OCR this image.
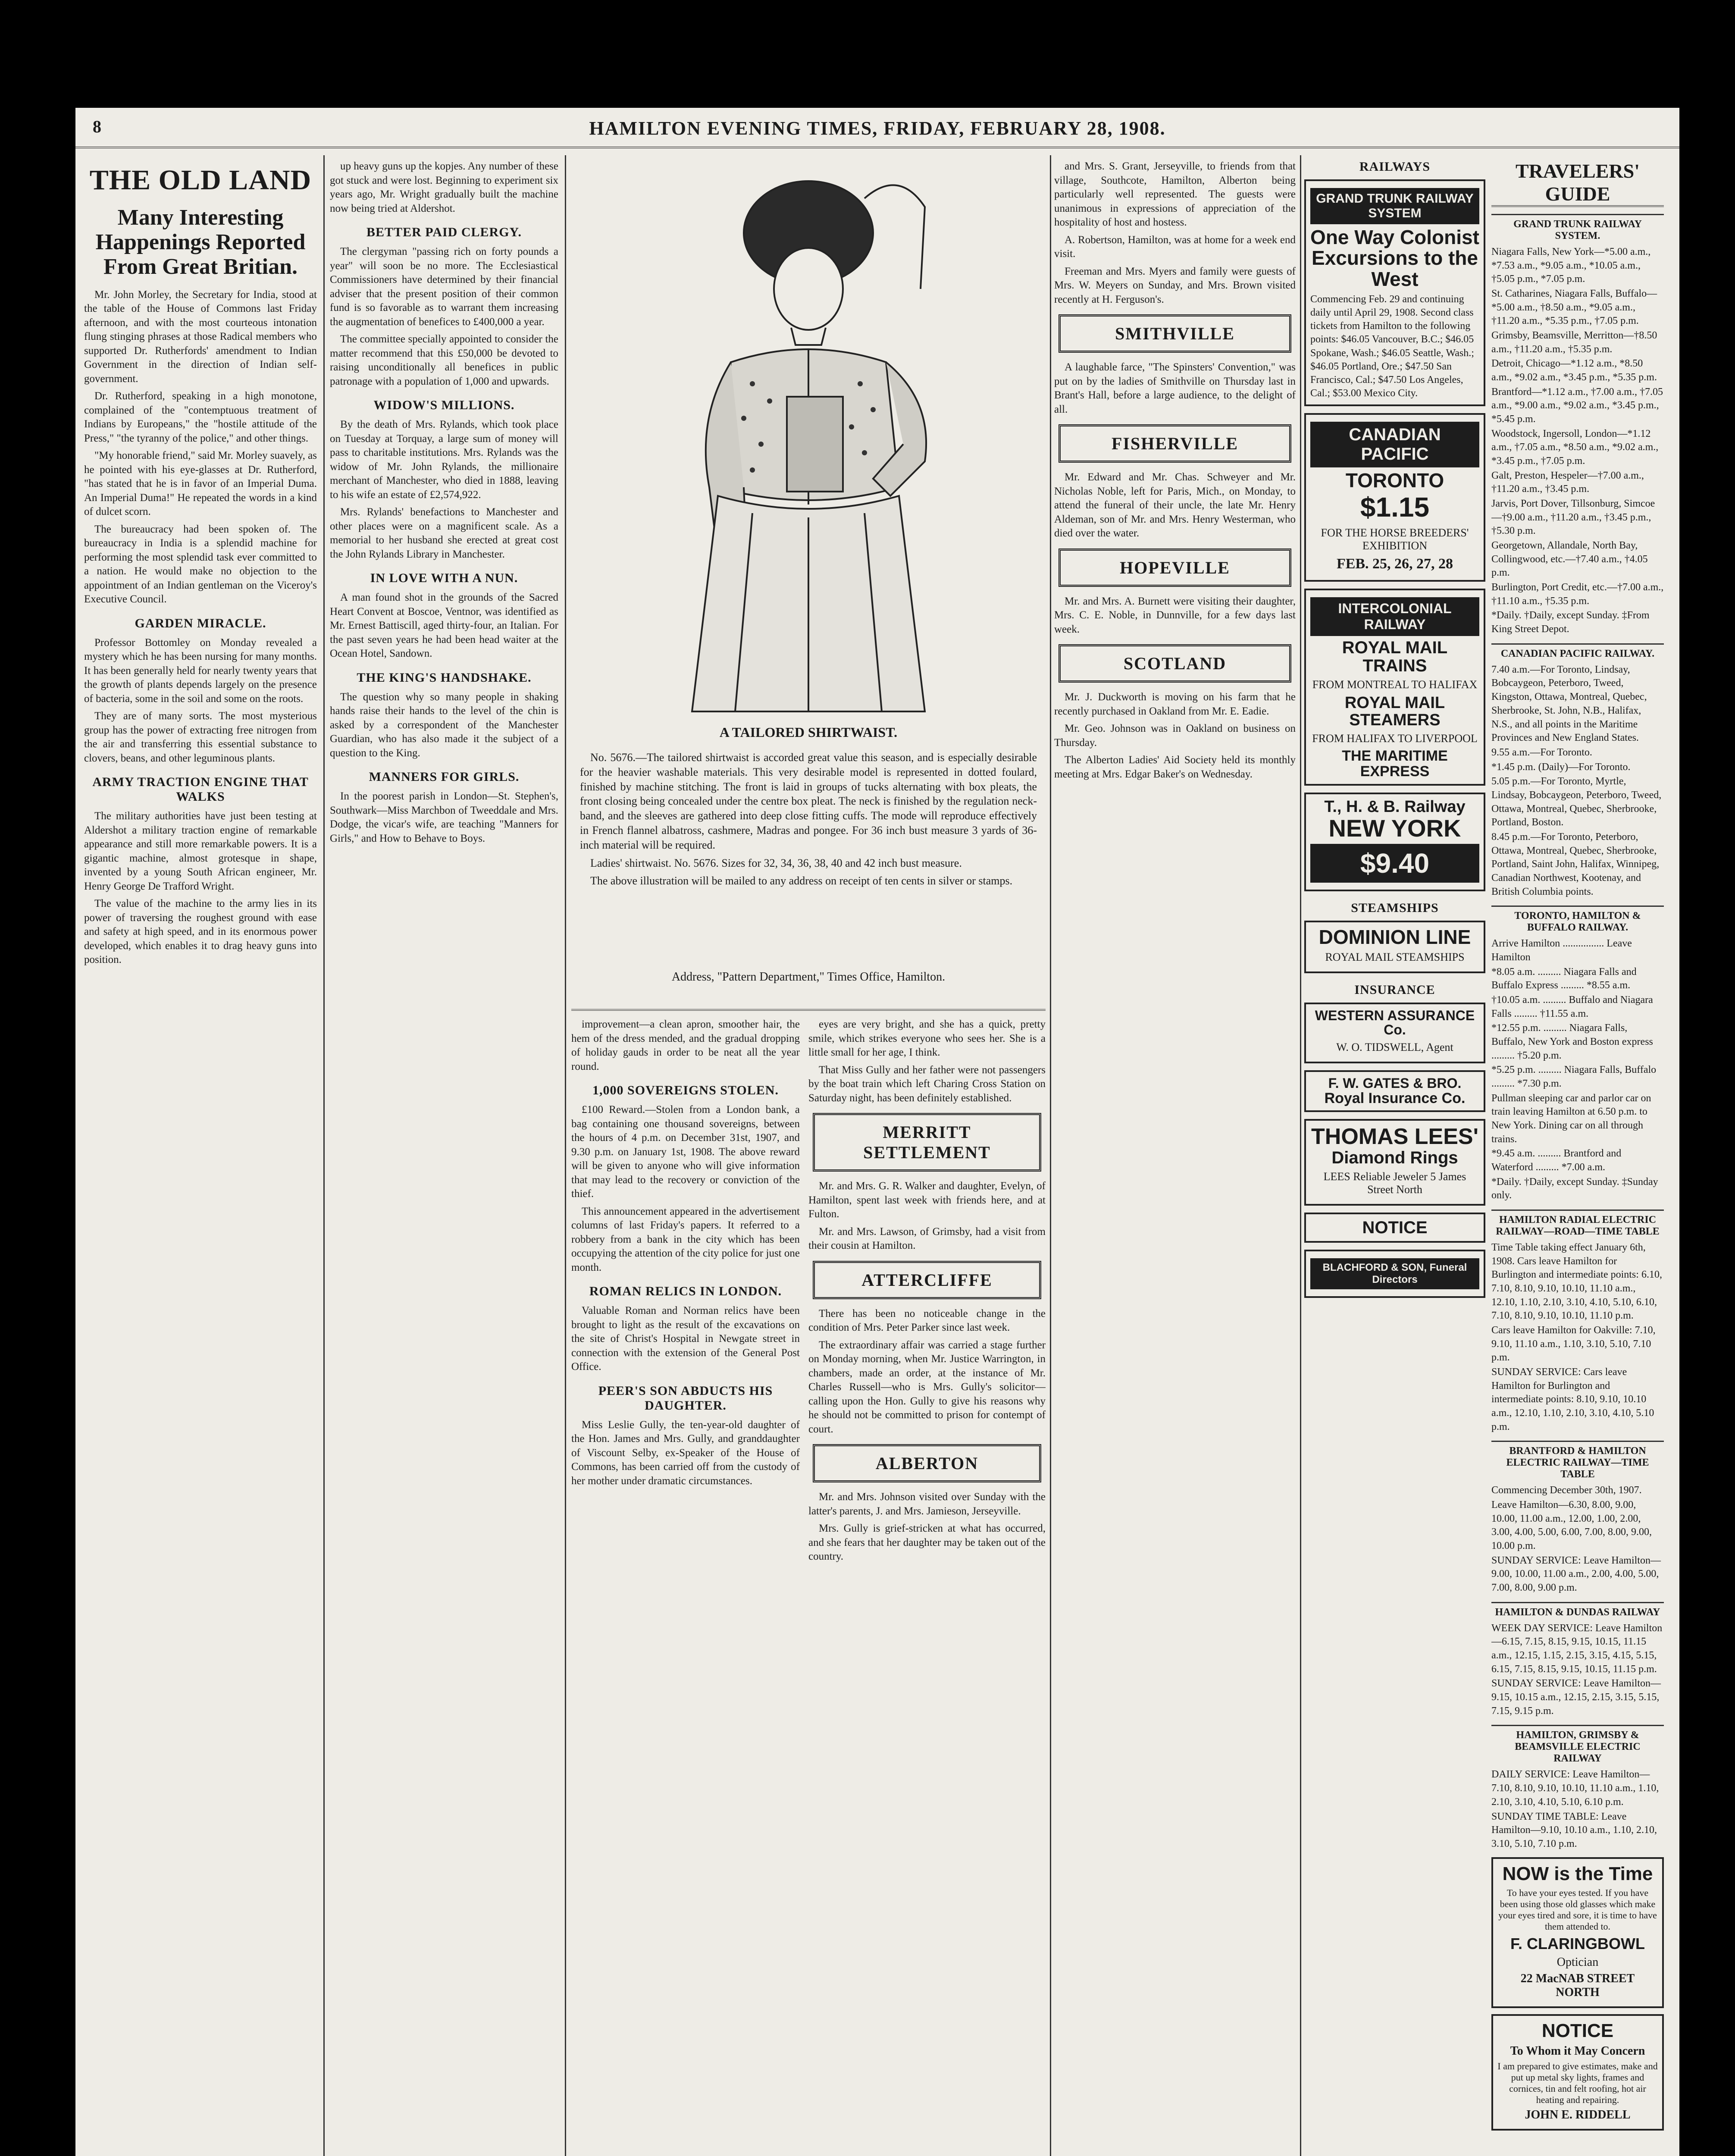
8	HAMILTON EVENING TIMES, FRIDAY, FEBRUARY 28, 1908.
THE OLD LAND
Many Interesting Happenings Reported From Great Britian.

Mr. John Morley, the Secretary for India, stood at the table of the House of Commons last Friday afternoon, and with the most courteous intonation flung stinging phrases at those Radical members who supported Dr. Rutherfords' amendment to Indian Government in the direction of Indian self-government.

Dr. Rutherford, speaking in a high monotone, complained of the "contemptuous treatment of Indians by Europeans," the "hostile attitude of the Press," "the tyranny of the police," and other things.

"My honorable friend," said Mr. Morley suavely, as he pointed with his eye-glasses at Dr. Rutherford, "has stated that he is in favor of an Imperial Duma. An Imperial Duma!" He repeated the words in a kind of dulcet scorn.

The bureaucracy had been spoken of. The bureaucracy in India is a splendid machine for performing the most splendid task ever committed to a nation. He would make no objection to the appointment of an Indian gentleman on the Viceroy's Executive Council.

GARDEN MIRACLE.

Professor Bottomley on Monday revealed a mystery which he has been nursing for many months. It has been generally held for nearly twenty years that the growth of plants depends largely on the presence of bacteria, some in the soil and some on the roots.

They are of many sorts. The most mysterious group has the power of extracting free nitrogen from the air and transferring this essential substance to clovers, beans, and other leguminous plants.

ARMY TRACTION ENGINE THAT WALKS

The military authorities have just been testing at Aldershot a military traction engine of remarkable appearance and still more remarkable powers. It is a gigantic machine, almost grotesque in shape, invented by a young South African engineer, Mr. Henry George De Trafford Wright.

The value of the machine to the army lies in its power of traversing the roughest ground with ease and safety at high speed, and in its enormous power developed, which enables it to drag heavy guns into position.

up heavy guns up the kopjes. Any number of these got stuck and were lost. Beginning to experiment six years ago, Mr. Wright gradually built the machine now being tried at Aldershot.

BETTER PAID CLERGY.

The clergyman "passing rich on forty pounds a year" will soon be no more. The Ecclesiastical Commissioners have determined by their financial adviser that the present position of their common fund is so favorable as to warrant them increasing the augmentation of benefices to £400,000 a year.

The committee specially appointed to consider the matter recommend that this £50,000 be devoted to raising unconditionally all benefices in public patronage with a population of 1,000 and upwards.

WIDOW'S MILLIONS.

By the death of Mrs. Rylands, which took place on Tuesday at Torquay, a large sum of money will pass to charitable institutions. Mrs. Rylands was the widow of Mr. John Rylands, the millionaire merchant of Manchester, who died in 1888, leaving to his wife an estate of £2,574,922.

Mrs. Rylands' benefactions to Manchester and other places were on a magnificent scale. As a memorial to her husband she erected at great cost the John Rylands Library in Manchester.

IN LOVE WITH A NUN.

A man found shot in the grounds of the Sacred Heart Convent at Boscoe, Ventnor, was identified as Mr. Ernest Battiscill, aged thirty-four, an Italian. For the past seven years he had been head waiter at the Ocean Hotel, Sandown.

THE KING'S HANDSHAKE.

The question why so many people in shaking hands raise their hands to the level of the chin is asked by a correspondent of the Manchester Guardian, who has also made it the subject of a question to the King.

MANNERS FOR GIRLS.

In the poorest parish in London—St. Stephen's, Southwark—Miss Marchbon of Tweeddale and Mrs. Dodge, the vicar's wife, are teaching "Manners for Girls," and How to Behave to Boys.

A TAILORED SHIRTWAIST.

No. 5676.—The tailored shirtwaist is accorded great value this season, and is especially desirable for the heavier washable materials. This very desirable model is represented in dotted foulard, finished by machine stitching. The front is laid in groups of tucks alternating with box pleats, the front closing being concealed under the centre box pleat. The neck is finished by the regulation neck-band, and the sleeves are gathered into deep close fitting cuffs. The mode will reproduce effectively in French flannel albatross, cashmere, Madras and pongee. For 36 inch bust measure 3 yards of 36-inch material will be required.

Ladies' shirtwaist. No. 5676. Sizes for 32, 34, 36, 38, 40 and 42 inch bust measure.

The above illustration will be mailed to any address on receipt of ten cents in silver or stamps.

Address, "Pattern Department," Times Office, Hamilton.

improvement—a clean apron, smoother hair, the hem of the dress mended, and the gradual dropping of holiday gauds in order to be neat all the year round.

1,000 SOVEREIGNS STOLEN.

£100 Reward.—Stolen from a London bank, a bag containing one thousand sovereigns, between the hours of 4 p.m. on December 31st, 1907, and 9.30 p.m. on January 1st, 1908. The above reward will be given to anyone who will give information that may lead to the recovery or conviction of the thief.

This announcement appeared in the advertisement columns of last Friday's papers. It referred to a robbery from a bank in the city which has been occupying the attention of the city police for just one month.

ROMAN RELICS IN LONDON.

Valuable Roman and Norman relics have been brought to light as the result of the excavations on the site of Christ's Hospital in Newgate street in connection with the extension of the General Post Office.

PEER'S SON ABDUCTS HIS DAUGHTER.

Miss Leslie Gully, the ten-year-old daughter of the Hon. James and Mrs. Gully, and granddaughter of Viscount Selby, ex-Speaker of the House of Commons, has been carried off from the custody of her mother under dramatic circumstances.

eyes are very bright, and she has a quick, pretty smile, which strikes everyone who sees her. She is a little small for her age, I think.

That Miss Gully and her father were not passengers by the boat train which left Charing Cross Station on Saturday night, has been definitely established.

MERRITT SETTLEMENT

Mr. and Mrs. G. R. Walker and daughter, Evelyn, of Hamilton, spent last week with friends here, and at Fulton.

Mr. and Mrs. Lawson, of Grimsby, had a visit from their cousin at Hamilton.

ATTERCLIFFE

There has been no noticeable change in the condition of Mrs. Peter Parker since last week.

The extraordinary affair was carried a stage further on Monday morning, when Mr. Justice Warrington, in chambers, made an order, at the instance of Mr. Charles Russell—who is Mrs. Gully's solicitor—calling upon the Hon. Gully to give his reasons why he should not be committed to prison for contempt of court.

ALBERTON

Mr. and Mrs. Johnson visited over Sunday with the latter's parents, J. and Mrs. Jamieson, Jerseyville.

Mrs. Gully is grief-stricken at what has occurred, and she fears that her daughter may be taken out of the country.

and Mrs. S. Grant, Jerseyville, to friends from that village, Southcote, Hamilton, Alberton being particularly well represented. The guests were unanimous in expressions of appreciation of the hospitality of host and hostess.

A. Robertson, Hamilton, was at home for a week end visit.

Freeman and Mrs. Myers and family were guests of Mrs. W. Meyers on Sunday, and Mrs. Brown visited recently at H. Ferguson's.

SMITHVILLE

A laughable farce, "The Spinsters' Convention," was put on by the ladies of Smithville on Thursday last in Brant's Hall, before a large audience, to the delight of all.

FISHERVILLE

Mr. Edward and Mr. Chas. Schweyer and Mr. Nicholas Noble, left for Paris, Mich., on Monday, to attend the funeral of their uncle, the late Mr. Henry Aldeman, son of Mr. and Mrs. Henry Westerman, who died over the water.

HOPEVILLE

Mr. and Mrs. A. Burnett were visiting their daughter, Mrs. C. E. Noble, in Dunnville, for a few days last week.

SCOTLAND

Mr. J. Duckworth is moving on his farm that he recently purchased in Oakland from Mr. E. Eadie.

Mr. Geo. Johnson was in Oakland on business on Thursday.

The Alberton Ladies' Aid Society held its monthly meeting at Mrs. Edgar Baker's on Wednesday.

RAILWAYS
GRAND TRUNK RAILWAY SYSTEM
One Way Colonist Excursions to the West
Commencing Feb. 29 and continuing daily until April 29, 1908. Second class tickets from Hamilton to the following points: $46.05 Vancouver, B.C.; $46.05 Spokane, Wash.; $46.05 Seattle, Wash.; $46.05 Portland, Ore.; $47.50 San Francisco, Cal.; $47.50 Los Angeles, Cal.; $53.00 Mexico City.
CANADIAN PACIFIC
TORONTO
$1.15
FOR THE HORSE BREEDERS' EXHIBITION
FEB. 25, 26, 27, 28
INTERCOLONIAL RAILWAY
ROYAL MAIL TRAINS
FROM MONTREAL TO HALIFAX
ROYAL MAIL STEAMERS
FROM HALIFAX TO LIVERPOOL
THE MARITIME EXPRESS
T., H. & B. Railway
NEW YORK
$9.40
STEAMSHIPS
DOMINION LINE
ROYAL MAIL STEAMSHIPS
INSURANCE
WESTERN ASSURANCE Co.
W. O. TIDSWELL, Agent
F. W. GATES & BRO.
Royal Insurance Co.
THOMAS LEES'
Diamond Rings
LEES Reliable Jeweler 5 James Street North
NOTICE
BLACHFORD & SON, Funeral Directors
TRAVELERS' GUIDE
GRAND TRUNK RAILWAY SYSTEM.
Niagara Falls, New York—*5.00 a.m., *7.53 a.m., *9.05 a.m., *10.05 a.m., †5.05 p.m., *7.05 p.m.
St. Catharines, Niagara Falls, Buffalo—*5.00 a.m., †8.50 a.m., *9.05 a.m., †11.20 a.m., *5.35 p.m., †7.05 p.m.
Grimsby, Beamsville, Merritton—†8.50 a.m., †11.20 a.m., †5.35 p.m.
Detroit, Chicago—*1.12 a.m., *8.50 a.m., *9.02 a.m., *3.45 p.m., *5.35 p.m.
Brantford—*1.12 a.m., †7.00 a.m., †7.05 a.m., *9.00 a.m., *9.02 a.m., *3.45 p.m., *5.45 p.m.
Woodstock, Ingersoll, London—*1.12 a.m., †7.05 a.m., *8.50 a.m., *9.02 a.m., *3.45 p.m., †7.05 p.m.
Galt, Preston, Hespeler—†7.00 a.m., †11.20 a.m., †3.45 p.m.
Jarvis, Port Dover, Tillsonburg, Simcoe—†9.00 a.m., †11.20 a.m., †3.45 p.m., †5.30 p.m.
Georgetown, Allandale, North Bay, Collingwood, etc.—†7.40 a.m., †4.05 p.m.
Burlington, Port Credit, etc.—†7.00 a.m., †11.10 a.m., †5.35 p.m.
*Daily. †Daily, except Sunday. ‡From King Street Depot.
CANADIAN PACIFIC RAILWAY.
7.40 a.m.—For Toronto, Lindsay, Bobcaygeon, Peterboro, Tweed, Kingston, Ottawa, Montreal, Quebec, Sherbrooke, St. John, N.B., Halifax, N.S., and all points in the Maritime Provinces and New England States.
9.55 a.m.—For Toronto.
*1.45 p.m. (Daily)—For Toronto.
5.05 p.m.—For Toronto, Myrtle, Lindsay, Bobcaygeon, Peterboro, Tweed, Ottawa, Montreal, Quebec, Sherbrooke, Portland, Boston.
8.45 p.m.—For Toronto, Peterboro, Ottawa, Montreal, Quebec, Sherbrooke, Portland, Saint John, Halifax, Winnipeg, Canadian Northwest, Kootenay, and British Columbia points.
TORONTO, HAMILTON & BUFFALO RAILWAY.
Arrive Hamilton ................ Leave Hamilton
*8.05 a.m. ......... Niagara Falls and Buffalo Express ......... *8.55 a.m.
†10.05 a.m. ......... Buffalo and Niagara Falls ......... †11.55 a.m.
*12.55 p.m. ......... Niagara Falls, Buffalo, New York and Boston express ......... †5.20 p.m.
*5.25 p.m. ......... Niagara Falls, Buffalo ......... *7.30 p.m.
Pullman sleeping car and parlor car on train leaving Hamilton at 6.50 p.m. to New York. Dining car on all through trains.
*9.45 a.m. ......... Brantford and Waterford ......... *7.00 a.m.
*Daily. †Daily, except Sunday. ‡Sunday only.
HAMILTON RADIAL ELECTRIC RAILWAY—ROAD—TIME TABLE
Time Table taking effect January 6th, 1908. Cars leave Hamilton for Burlington and intermediate points: 6.10, 7.10, 8.10, 9.10, 10.10, 11.10 a.m., 12.10, 1.10, 2.10, 3.10, 4.10, 5.10, 6.10, 7.10, 8.10, 9.10, 10.10, 11.10 p.m.
Cars leave Hamilton for Oakville: 7.10, 9.10, 11.10 a.m., 1.10, 3.10, 5.10, 7.10 p.m.
SUNDAY SERVICE: Cars leave Hamilton for Burlington and intermediate points: 8.10, 9.10, 10.10 a.m., 12.10, 1.10, 2.10, 3.10, 4.10, 5.10 p.m.
BRANTFORD & HAMILTON ELECTRIC RAILWAY—TIME TABLE
Commencing December 30th, 1907.
Leave Hamilton—6.30, 8.00, 9.00, 10.00, 11.00 a.m., 12.00, 1.00, 2.00, 3.00, 4.00, 5.00, 6.00, 7.00, 8.00, 9.00, 10.00 p.m.
SUNDAY SERVICE: Leave Hamilton—9.00, 10.00, 11.00 a.m., 2.00, 4.00, 5.00, 7.00, 8.00, 9.00 p.m.
HAMILTON & DUNDAS RAILWAY
WEEK DAY SERVICE: Leave Hamilton—6.15, 7.15, 8.15, 9.15, 10.15, 11.15 a.m., 12.15, 1.15, 2.15, 3.15, 4.15, 5.15, 6.15, 7.15, 8.15, 9.15, 10.15, 11.15 p.m.
SUNDAY SERVICE: Leave Hamilton—9.15, 10.15 a.m., 12.15, 2.15, 3.15, 5.15, 7.15, 9.15 p.m.
HAMILTON, GRIMSBY & BEAMSVILLE ELECTRIC RAILWAY
DAILY SERVICE: Leave Hamilton—7.10, 8.10, 9.10, 10.10, 11.10 a.m., 1.10, 2.10, 3.10, 4.10, 5.10, 6.10 p.m.
SUNDAY TIME TABLE: Leave Hamilton—9.10, 10.10 a.m., 1.10, 2.10, 3.10, 5.10, 7.10 p.m.
NOW is the Time
To have your eyes tested. If you have been using those old glasses which make your eyes tired and sore, it is time to have them attended to.
F. CLARINGBOWL
Optician
22 MacNAB STREET NORTH
NOTICE
To Whom it May Concern
I am prepared to give estimates, make and put up metal sky lights, frames and cornices, tin and felt roofing, hot air heating and repairing.
JOHN E. RIDDELL
